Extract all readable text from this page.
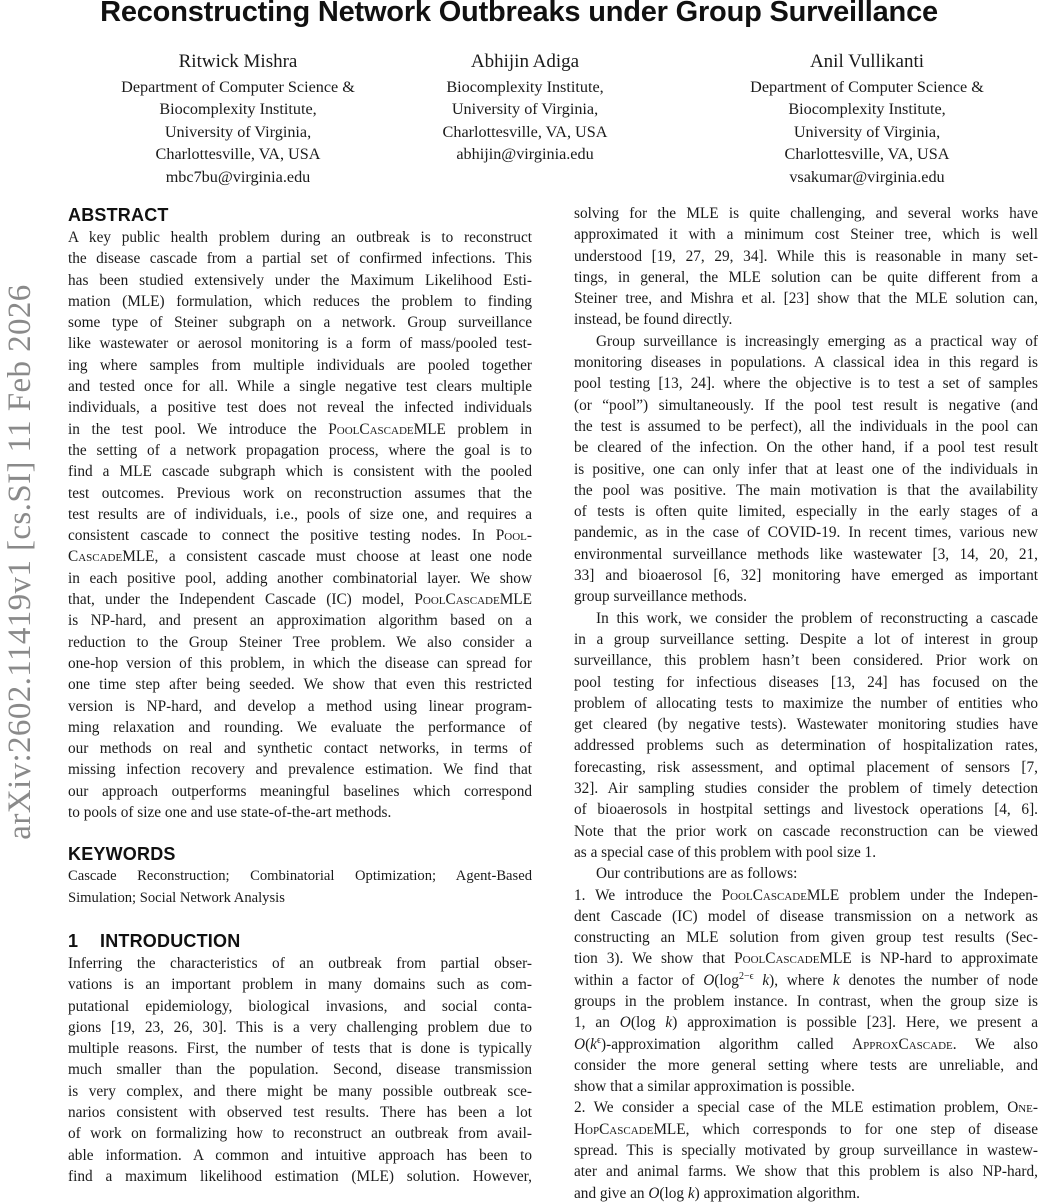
Reconstructing Network Outbreaks under Group Surveillance
Ritwick Mishra
Department of Computer Science &
Biocomplexity Institute,
University of Virginia,
Charlottesville, VA, USA
mbc7bu@virginia.edu
Abhijin Adiga
Biocomplexity Institute,
University of Virginia,
Charlottesville, VA, USA
abhijin@virginia.edu
Anil Vullikanti
Department of Computer Science &
Biocomplexity Institute,
University of Virginia,
Charlottesville, VA, USA
vsakumar@virginia.edu
arXiv:2602.11419v1 [cs.SI] 11 Feb 2026
ABSTRACT
A key public health problem during an outbreak is to reconstruct
the disease cascade from a partial set of confirmed infections. This
has been studied extensively under the Maximum Likelihood Esti-
mation (MLE) formulation, which reduces the problem to finding
some type of Steiner subgraph on a network. Group surveillance
like wastewater or aerosol monitoring is a form of mass/pooled test-
ing where samples from multiple individuals are pooled together
and tested once for all. While a single negative test clears multiple
individuals, a positive test does not reveal the infected individuals
in the test pool. We introduce the PoolCascadeMLE problem in
the setting of a network propagation process, where the goal is to
find a MLE cascade subgraph which is consistent with the pooled
test outcomes. Previous work on reconstruction assumes that the
test results are of individuals, i.e., pools of size one, and requires a
consistent cascade to connect the positive testing nodes. In Pool-
CascadeMLE, a consistent cascade must choose at least one node
in each positive pool, adding another combinatorial layer. We show
that, under the Independent Cascade (IC) model, PoolCascadeMLE
is NP-hard, and present an approximation algorithm based on a
reduction to the Group Steiner Tree problem. We also consider a
one-hop version of this problem, in which the disease can spread for
one time step after being seeded. We show that even this restricted
version is NP-hard, and develop a method using linear program-
ming relaxation and rounding. We evaluate the performance of
our methods on real and synthetic contact networks, in terms of
missing infection recovery and prevalence estimation. We find that
our approach outperforms meaningful baselines which correspond
to pools of size one and use state-of-the-art methods.
KEYWORDS
Cascade Reconstruction; Combinatorial Optimization; Agent-Based
Simulation; Social Network Analysis
1 INTRODUCTION
Inferring the characteristics of an outbreak from partial obser-
vations is an important problem in many domains such as com-
putational epidemiology, biological invasions, and social conta-
gions [19, 23, 26, 30]. This is a very challenging problem due to
multiple reasons. First, the number of tests that is done is typically
much smaller than the population. Second, disease transmission
is very complex, and there might be many possible outbreak sce-
narios consistent with observed test results. There has been a lot
of work on formalizing how to reconstruct an outbreak from avail-
able information. A common and intuitive approach has been to
find a maximum likelihood estimation (MLE) solution. However,
solving for the MLE is quite challenging, and several works have
approximated it with a minimum cost Steiner tree, which is well
understood [19, 27, 29, 34]. While this is reasonable in many set-
tings, in general, the MLE solution can be quite different from a
Steiner tree, and Mishra et al. [23] show that the MLE solution can,
instead, be found directly.
Group surveillance is increasingly emerging as a practical way of
monitoring diseases in populations. A classical idea in this regard is
pool testing [13, 24]. where the objective is to test a set of samples
(or “pool”) simultaneously. If the pool test result is negative (and
the test is assumed to be perfect), all the individuals in the pool can
be cleared of the infection. On the other hand, if a pool test result
is positive, one can only infer that at least one of the individuals in
the pool was positive. The main motivation is that the availability
of tests is often quite limited, especially in the early stages of a
pandemic, as in the case of COVID-19. In recent times, various new
environmental surveillance methods like wastewater [3, 14, 20, 21,
33] and bioaerosol [6, 32] monitoring have emerged as important
group surveillance methods.
In this work, we consider the problem of reconstructing a cascade
in a group surveillance setting. Despite a lot of interest in group
surveillance, this problem hasn’t been considered. Prior work on
pool testing for infectious diseases [13, 24] has focused on the
problem of allocating tests to maximize the number of entities who
get cleared (by negative tests). Wastewater monitoring studies have
addressed problems such as determination of hospitalization rates,
forecasting, risk assessment, and optimal placement of sensors [7,
32]. Air sampling studies consider the problem of timely detection
of bioaerosols in hostpital settings and livestock operations [4, 6].
Note that the prior work on cascade reconstruction can be viewed
as a special case of this problem with pool size 1.
Our contributions are as follows:
1. We introduce the PoolCascadeMLE problem under the Indepen-
dent Cascade (IC) model of disease transmission on a network as
constructing an MLE solution from given group test results (Sec-
tion 3). We show that PoolCascadeMLE is NP-hard to approximate
within a factor of $O(\log^{2-\epsilon}$ k), where k denotes the number of node
groups in the problem instance. In contrast, when the group size is
1, an O(log k) approximation is possible [23]. Here, we present a
$O(k^\epsilon)$-approximation algorithm called ApproxCascade. We also
consider the more general setting where tests are unreliable, and
show that a similar approximation is possible.
2. We consider a special case of the MLE estimation problem, One-
HopCascadeMLE, which corresponds to for one step of disease
spread. This is specially motivated by group surveillance in wastew-
ater and animal farms. We show that this problem is also NP-hard,
and give an O(log k) approximation algorithm.
